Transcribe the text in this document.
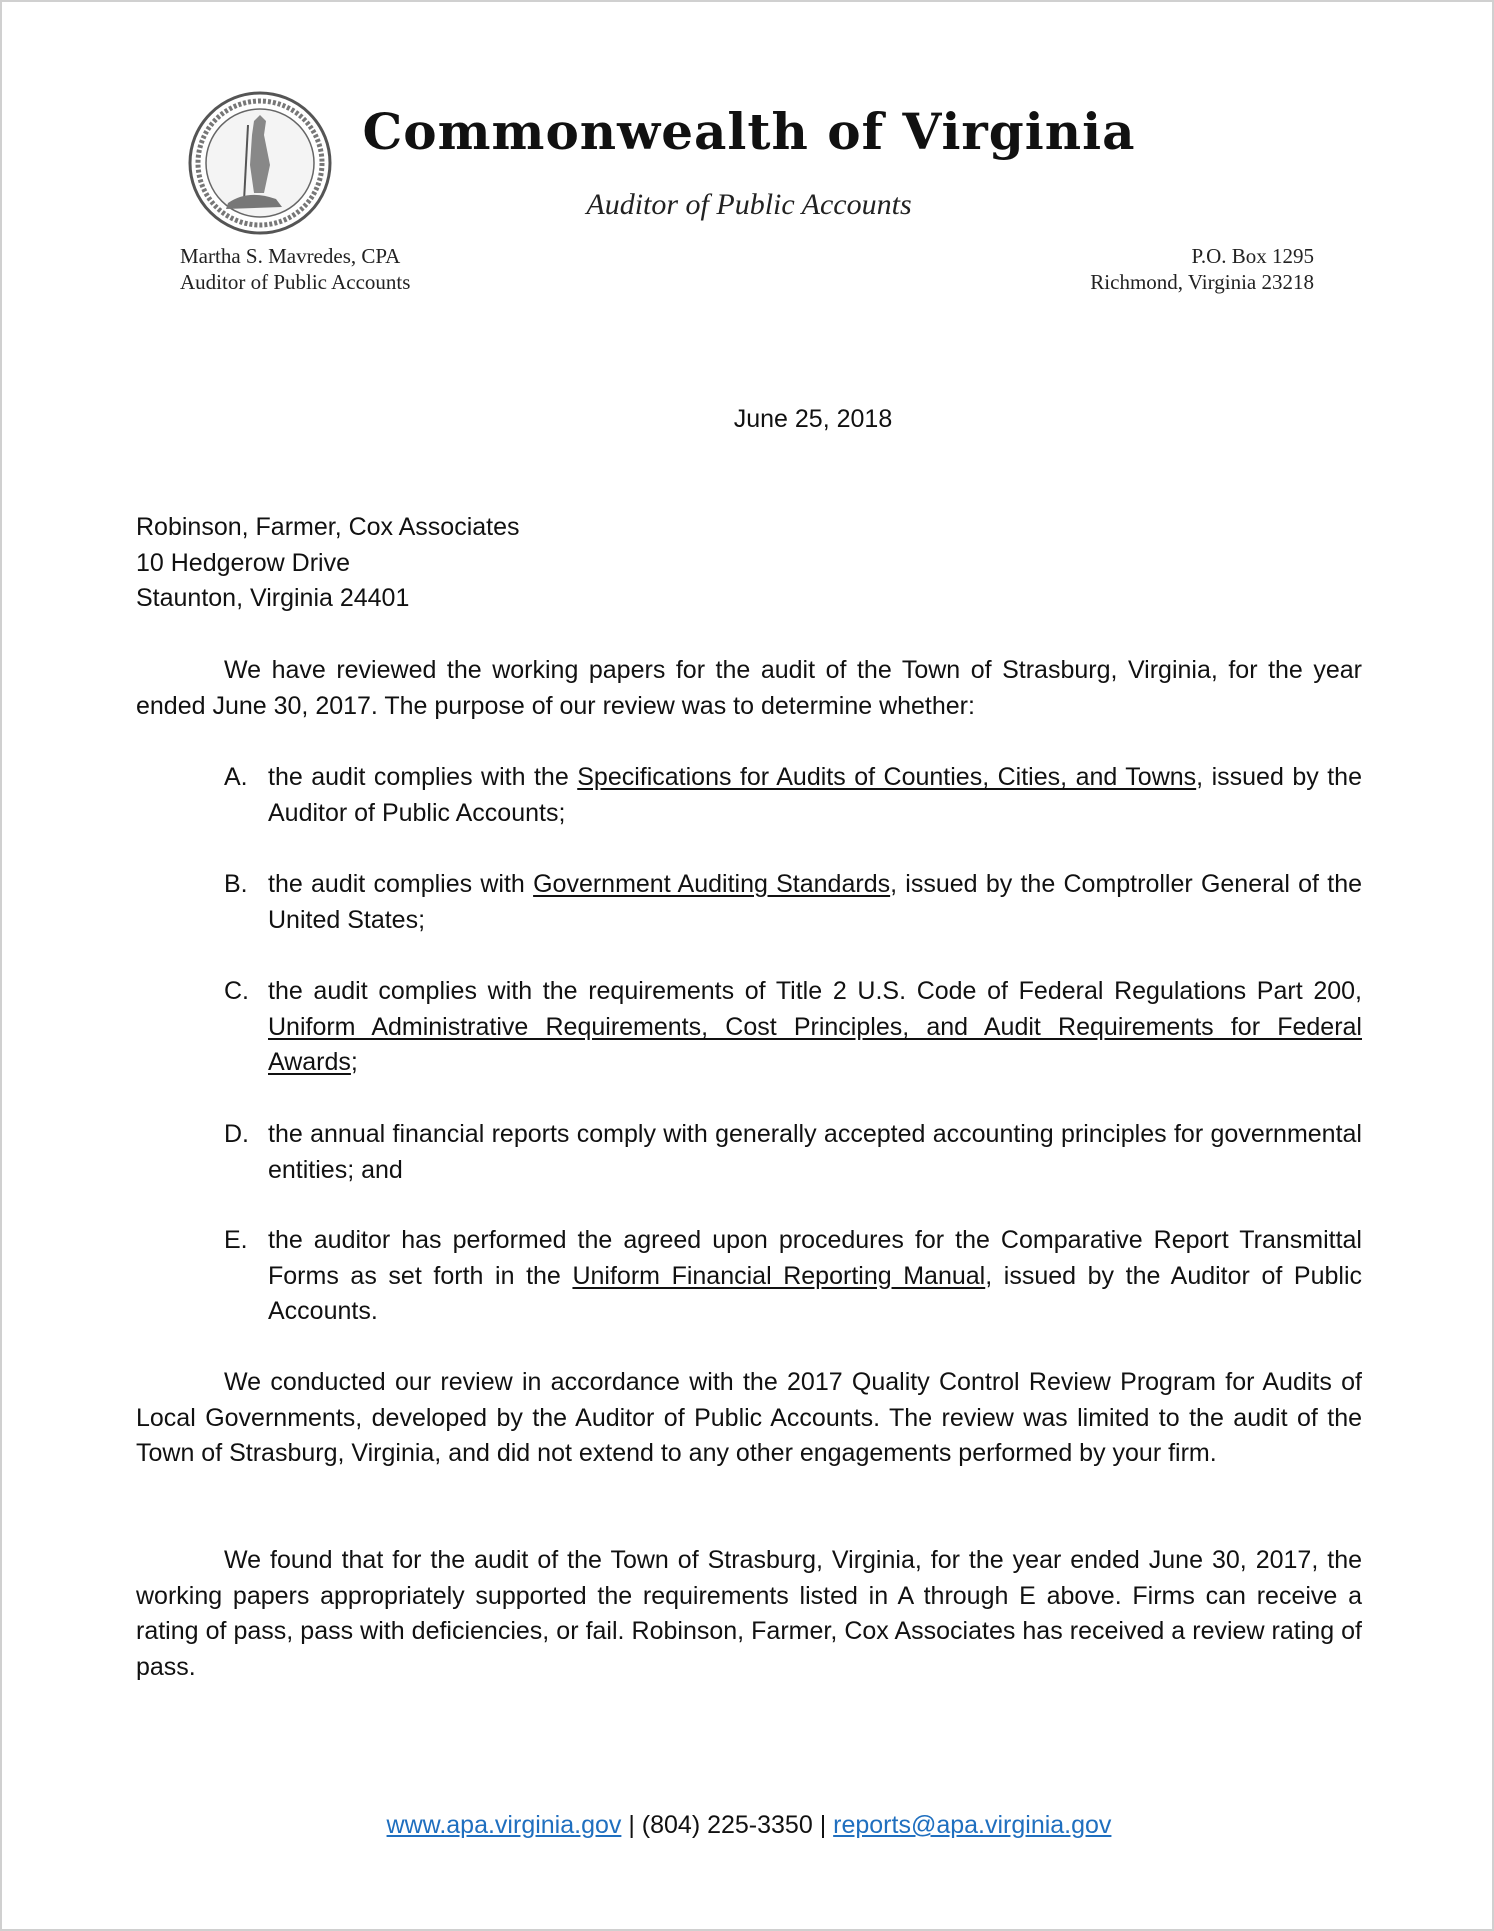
Commonwealth of Virginia
Auditor of Public Accounts
Martha S. Mavredes, CPA
Auditor of Public Accounts
P.O. Box 1295
Richmond, Virginia 23218
June 25, 2018
Robinson, Farmer, Cox Associates
10 Hedgerow Drive
Staunton, Virginia 24401
We have reviewed the working papers for the audit of the Town of Strasburg, Virginia, for the year ended June 30, 2017. The purpose of our review was to determine whether:
A. the audit complies with the Specifications for Audits of Counties, Cities, and Towns, issued by the Auditor of Public Accounts;
B. the audit complies with Government Auditing Standards, issued by the Comptroller General of the United States;
C. the audit complies with the requirements of Title 2 U.S. Code of Federal Regulations Part 200, Uniform Administrative Requirements, Cost Principles, and Audit Requirements for Federal Awards;
D. the annual financial reports comply with generally accepted accounting principles for governmental entities; and
E. the auditor has performed the agreed upon procedures for the Comparative Report Transmittal Forms as set forth in the Uniform Financial Reporting Manual, issued by the Auditor of Public Accounts.
We conducted our review in accordance with the 2017 Quality Control Review Program for Audits of Local Governments, developed by the Auditor of Public Accounts. The review was limited to the audit of the Town of Strasburg, Virginia, and did not extend to any other engagements performed by your firm.
We found that for the audit of the Town of Strasburg, Virginia, for the year ended June 30, 2017, the working papers appropriately supported the requirements listed in A through E above. Firms can receive a rating of pass, pass with deficiencies, or fail. Robinson, Farmer, Cox Associates has received a review rating of pass.
www.apa.virginia.gov | (804) 225-3350 | reports@apa.virginia.gov
